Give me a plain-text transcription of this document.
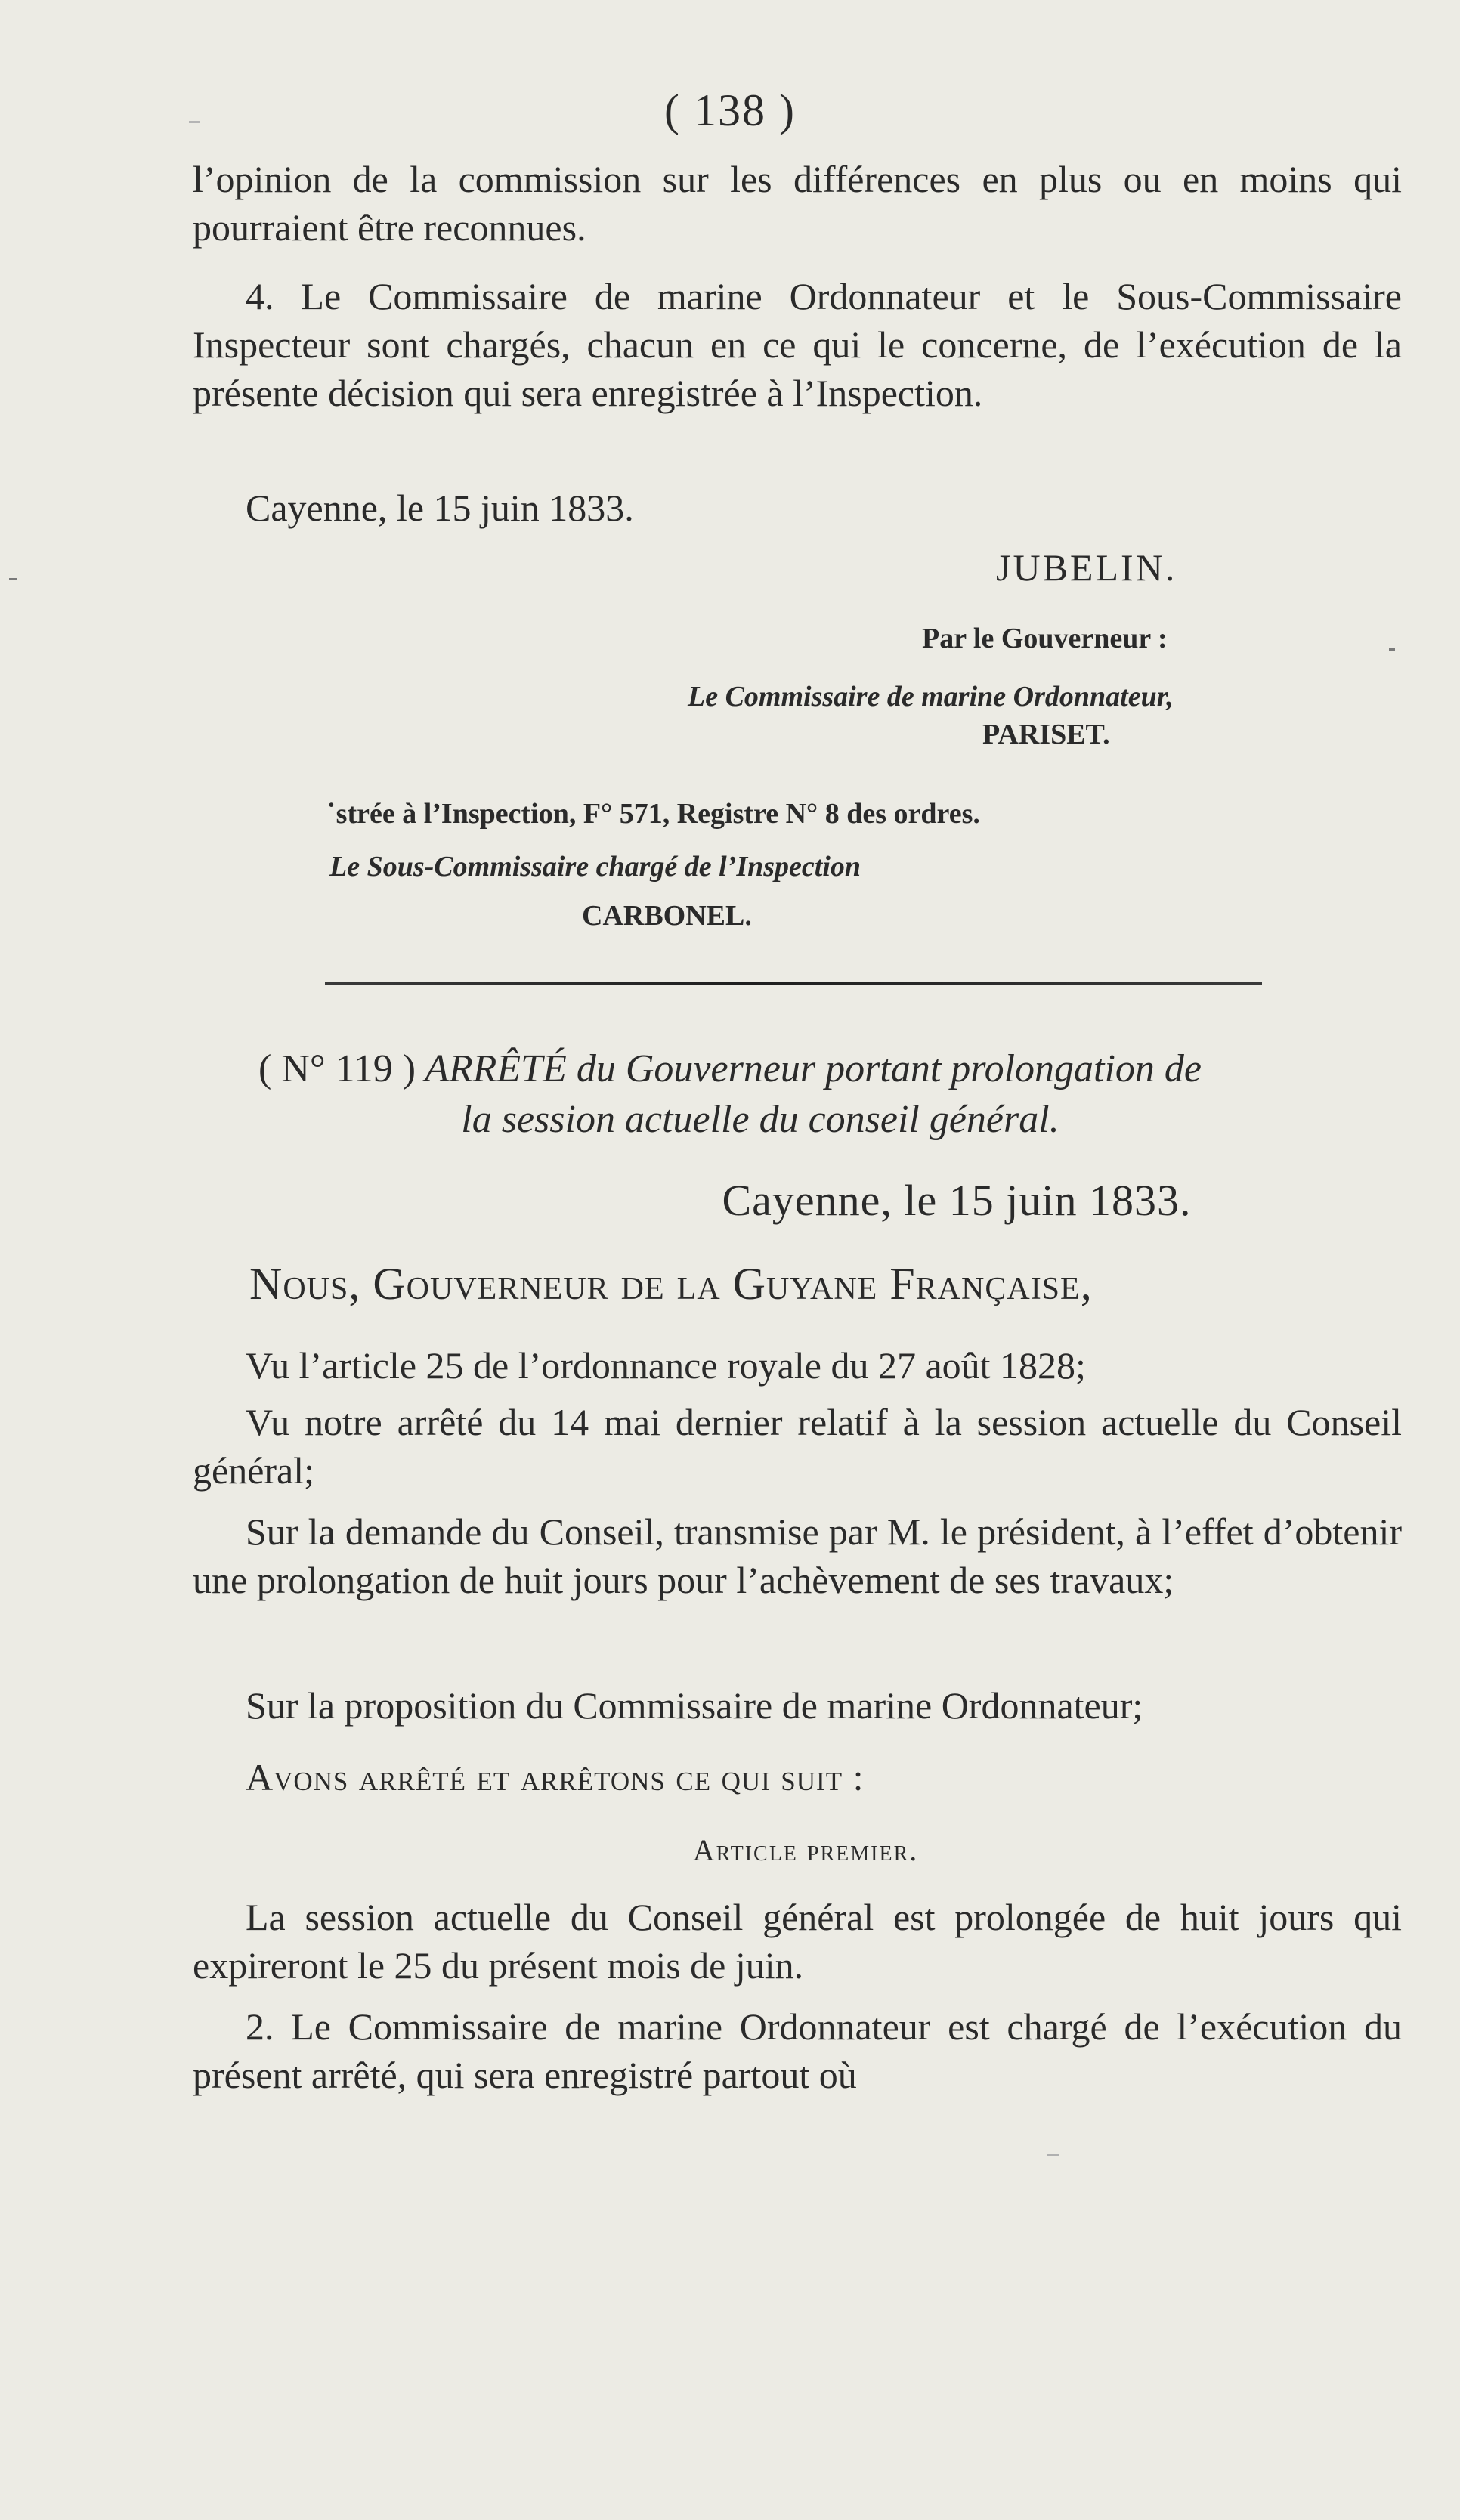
( 138 )

l’opinion de la commission sur les différences en plus ou en moins qui pourraient être reconnues.

4. Le Commissaire de marine Ordonnateur et le Sous-Commissaire Inspecteur sont chargés, chacun en ce qui le concerne, de l’exécution de la présente décision qui sera enregistrée à l’Inspection.

Cayenne, le 15 juin 1833.

JUBELIN.
Par le Gouverneur :
Le Commissaire de marine Ordonnateur,
PARISET.
˙strée à l’Inspection, F° 571, Registre N° 8 des ordres.
Le Sous-Commissaire chargé de l’Inspection
CARBONEL.
( N° 119 ) ARRÊTÉ du Gouverneur portant prolongation de
la session actuelle du conseil général.
Cayenne, le 15 juin 1833.
Nous, Gouverneur de la Guyane Française,

Vu l’article 25 de l’ordonnance royale du 27 août 1828;

Vu notre arrêté du 14 mai dernier relatif à la session actuelle du Conseil général;

Sur la demande du Conseil, transmise par M. le président, à l’effet d’obtenir une prolongation de huit jours pour l’achèvement de ses travaux;

Sur la proposition du Commissaire de marine Ordonnateur;

Avons arrêté et arrêtons ce qui suit :

Article premier.

La session actuelle du Conseil général est prolongée de huit jours qui expireront le 25 du présent mois de juin.

2. Le Commissaire de marine Ordonnateur est chargé de l’exécution du présent arrêté, qui sera enregistré partout où
